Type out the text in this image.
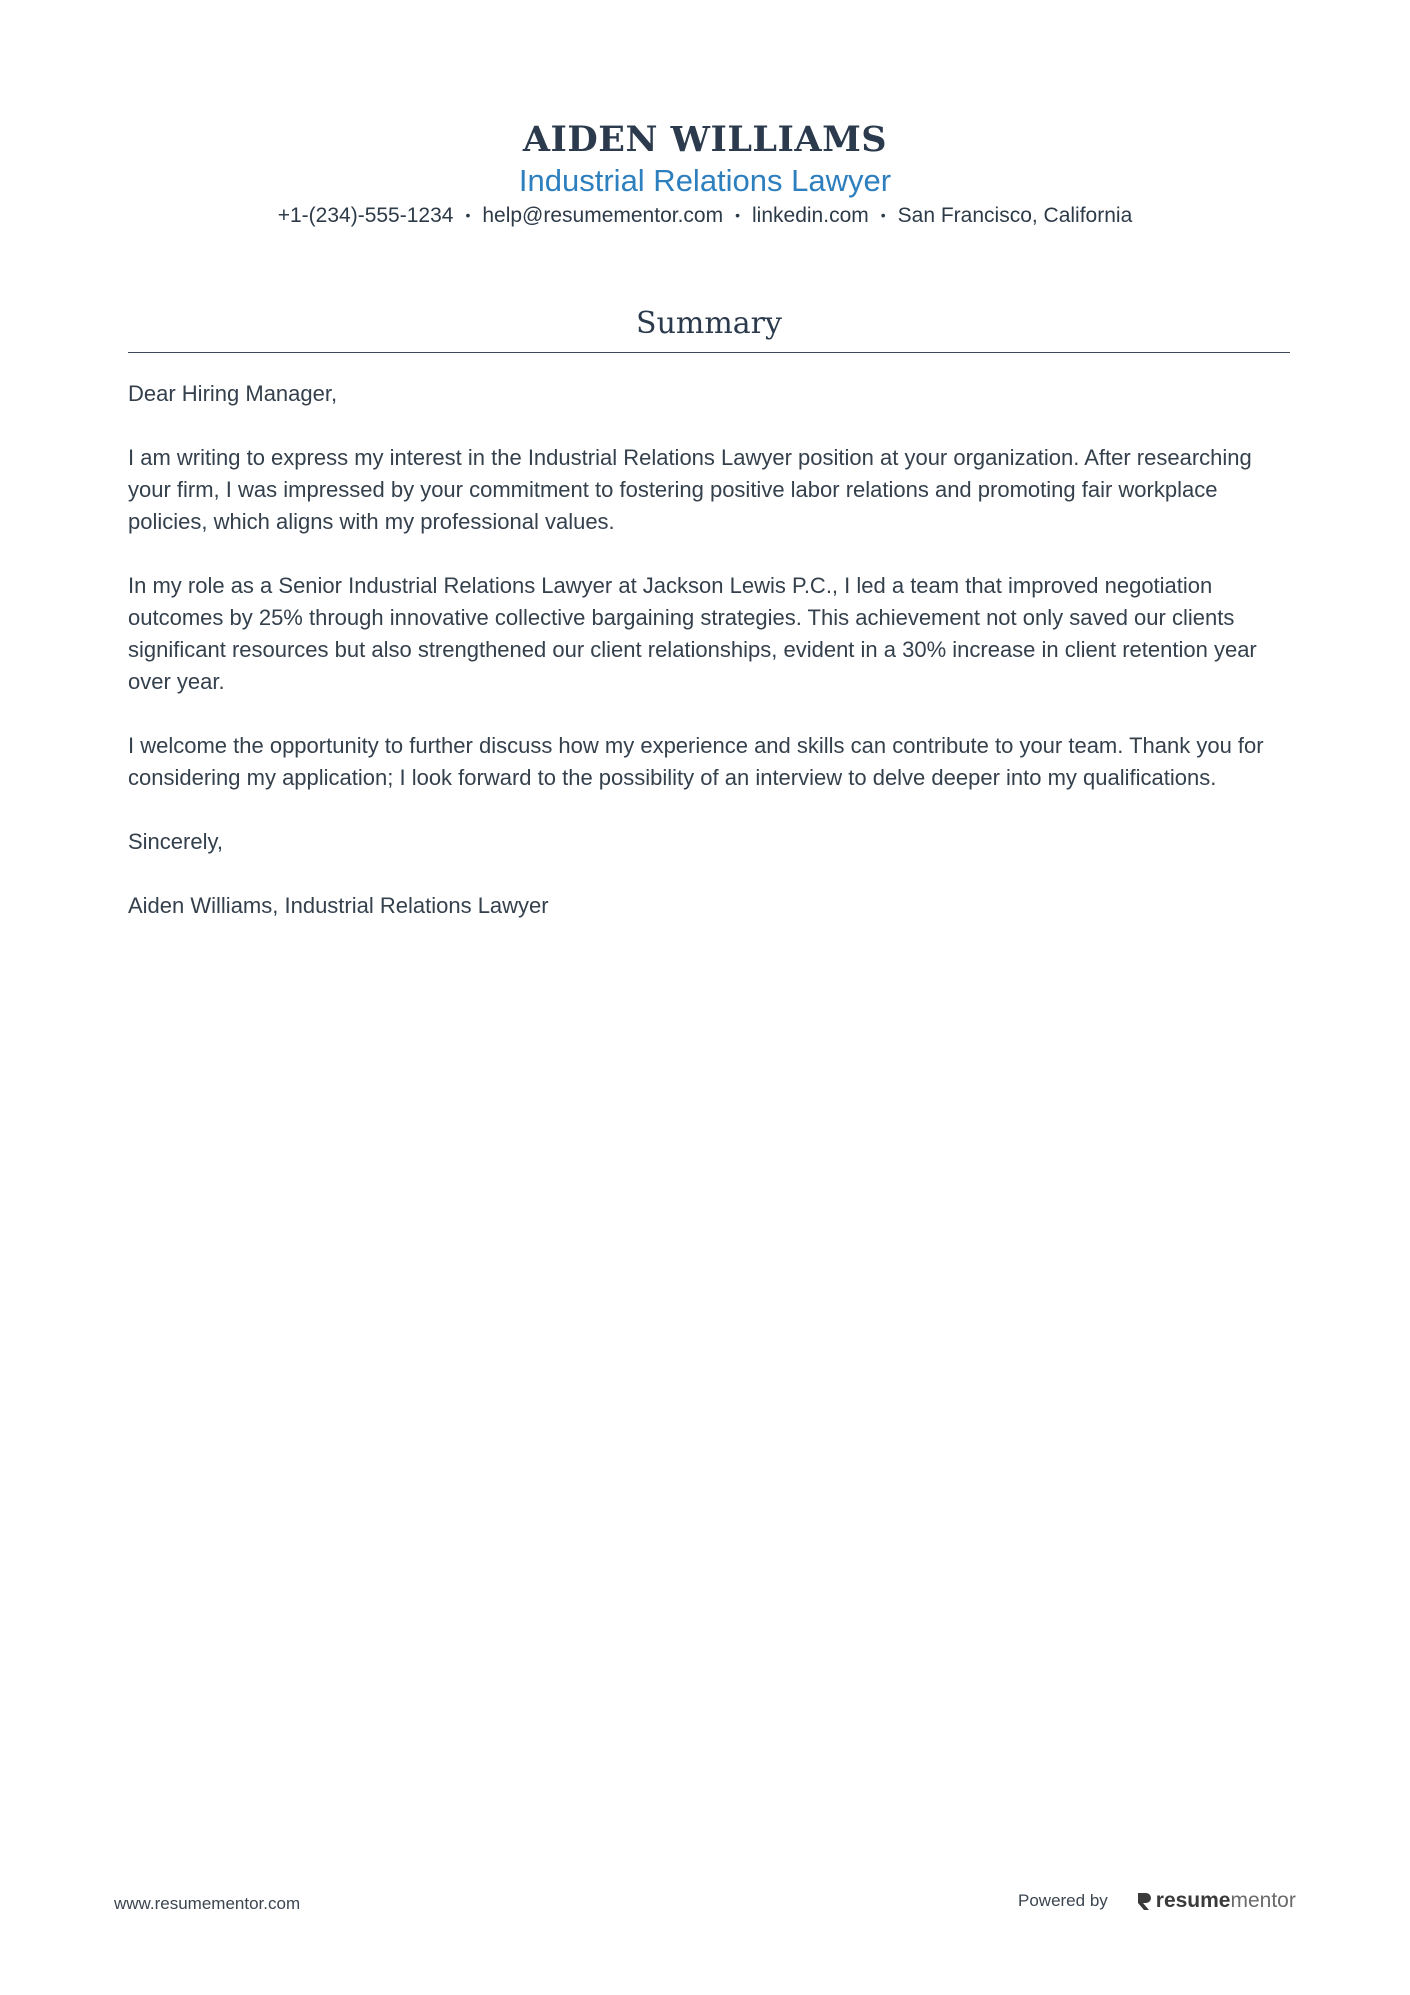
AIDEN WILLIAMS
Industrial Relations Lawyer
+1-(234)-555-1234 • help@resumementor.com • linkedin.com • San Francisco, California
Summary

Dear Hiring Manager,

I am writing to express my interest in the Industrial Relations Lawyer position at your organization. After researching your firm, I was impressed by your commitment to fostering positive labor relations and promoting fair workplace policies, which aligns with my professional values.

In my role as a Senior Industrial Relations Lawyer at Jackson Lewis P.C., I led a team that improved negotiation outcomes by 25% through innovative collective bargaining strategies. This achievement not only saved our clients significant resources but also strengthened our client relationships, evident in a 30% increase in client retention year over year.

I welcome the opportunity to further discuss how my experience and skills can contribute to your team. Thank you for considering my application; I look forward to the possibility of an interview to delve deeper into my qualifications.

Sincerely,

Aiden Williams, Industrial Relations Lawyer

www.resumementor.com	Powered by resume mentor
